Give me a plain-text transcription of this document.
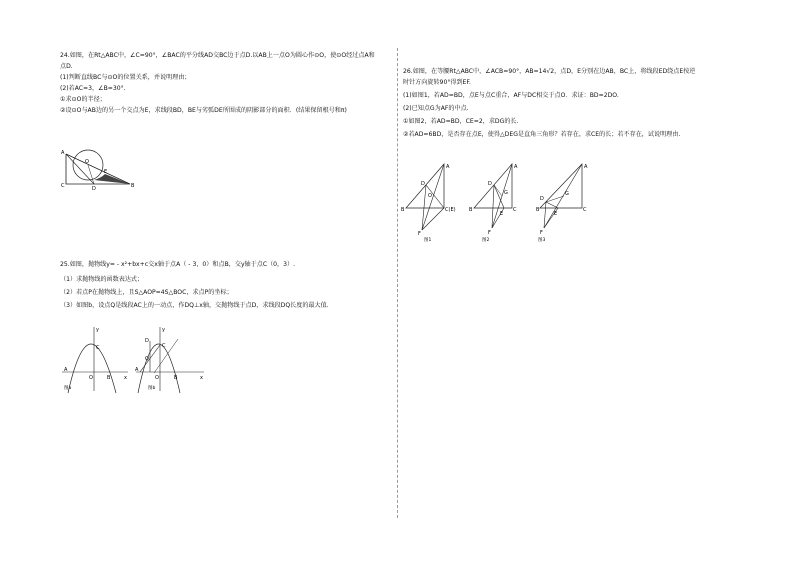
24.如图，在Rt△ABC中，∠C=90°，∠BAC的平分线AD交BC边于点D.以AB上一点O为圆心作⊙O，使⊙O经过点A和
点D.
(1)判断直线BC与⊙O的位置关系，并说明理由；
(2)若AC=3，∠B=30°.
①求⊙O的半径；
②设⊙O与AB边的另一个交点为E，求线段BD，BE与劣弧DE所围成的阴影部分的面积．(结果保留根号和π)
A
O
C	D
E
B
25.如图，抛物线y= - x²+bx+c交x轴于点A（ - 3，0）和点B，交y轴于点C（0，3）.
（1）求抛物线的函数表达式；
（2）若点P在抛物线上，且S△AOP=4S△BOC，求点P的坐标；
（3）如图b，设点Q是线段AC上的一动点，作DQ⊥x轴，交抛物线于点D，求线段DQ长度的最大值.
y
C
A
O	B	x
图a
y
D
C
Q
A
O	B	x
图b
26.如图，在等腰Rt△ABC中，∠ACB=90°，AB=14√2，点D，E分别在边AB，BC上，将线段ED绕点E按逆
时针方向旋转90°得到EF.
(1)如图1，若AD=BD，点E与点C重合，AF与DC相交于点O．求证：BD=2DO.
(2)已知点G为AF的中点.
①如图2，若AD=BD，CE=2，求DG的长.
②若AD=6BD，是否存在点E，使得△DEG是直角三角形？若存在，求CE的长；若不存在，试说明理由.
A
D
O
B	C(E)
F
图1
A
D
G
B
E
C
F
图2
A
G
D
B
E
C
F
图3
